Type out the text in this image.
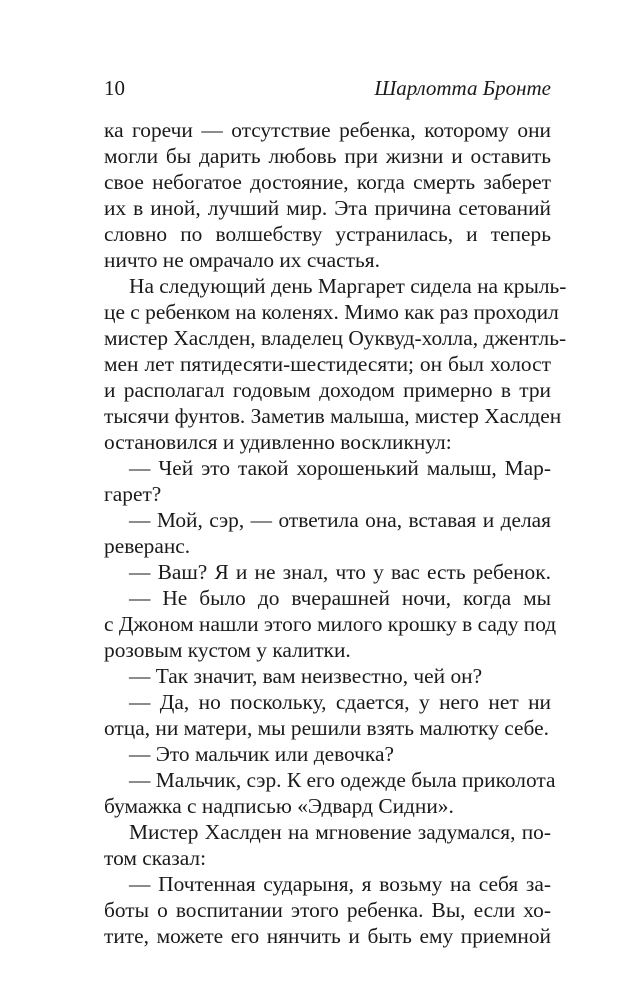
10	Шарлотта Бронте
ка горечи — отсутствие ребенка, которому они
могли бы дарить любовь при жизни и оставить
свое небогатое достояние, когда смерть заберет
их в иной, лучший мир. Эта причина сетований
словно по волшебству устранилась, и теперь
ничто не омрачало их счастья.
На следующий день Маргарет сидела на крыль-
це с ребенком на коленях. Мимо как раз проходил
мистер Хаслден, владелец Оуквуд-холла, джентль-
мен лет пятидесяти-шестидесяти; он был холост
и располагал годовым доходом примерно в три
тысячи фунтов. Заметив малыша, мистер Хаслден
остановился и удивленно воскликнул:
— Чей это такой хорошенький малыш, Мар-
гарет?
— Мой, сэр, — ответила она, вставая и делая
реверанс.
— Ваш? Я и не знал, что у вас есть ребенок.
— Не было до вчерашней ночи, когда мы
с Джоном нашли этого милого крошку в саду под
розовым кустом у калитки.
— Так значит, вам неизвестно, чей он?
— Да, но поскольку, сдается, у него нет ни
отца, ни матери, мы решили взять малютку себе.
— Это мальчик или девочка?
— Мальчик, сэр. К его одежде была приколота
бумажка с надписью «Эдвард Сидни».
Мистер Хаслден на мгновение задумался, по-
том сказал:
— Почтенная сударыня, я возьму на себя за-
боты о воспитании этого ребенка. Вы, если хо-
тите, можете его нянчить и быть ему приемной
